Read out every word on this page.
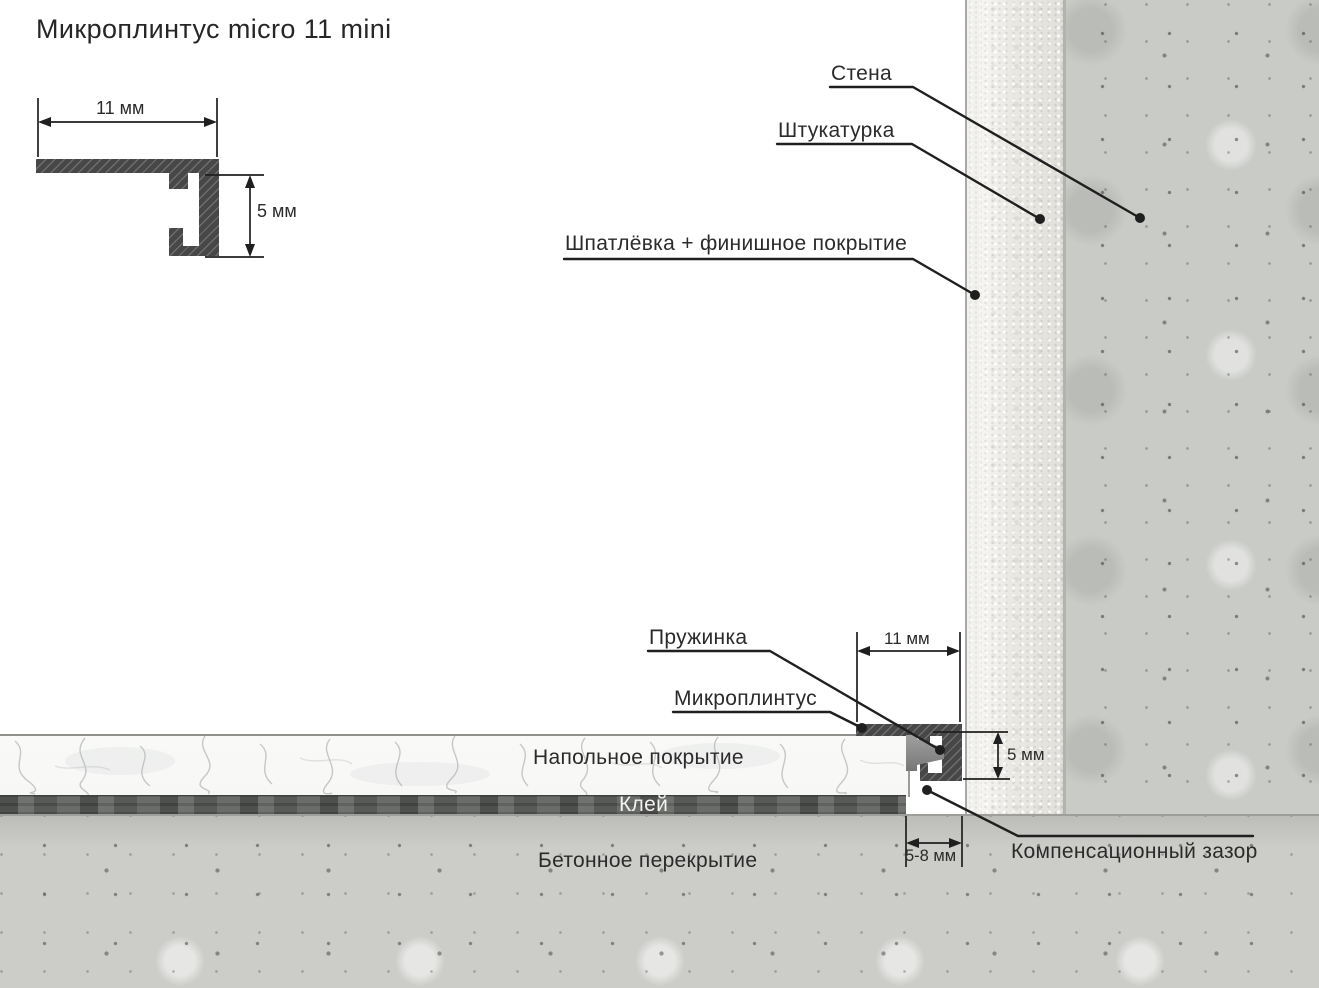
Микроплинтус micro 11 mini
Стена
Штукатурка
Шпатлёвка + финишное покрытие
Пружинка
Микроплинтус
Напольное покрытие
Клей
Бетонное перекрытие	Компенсационный зазор
11 мм
5 мм
11 мм
5 мм
5-8 мм
